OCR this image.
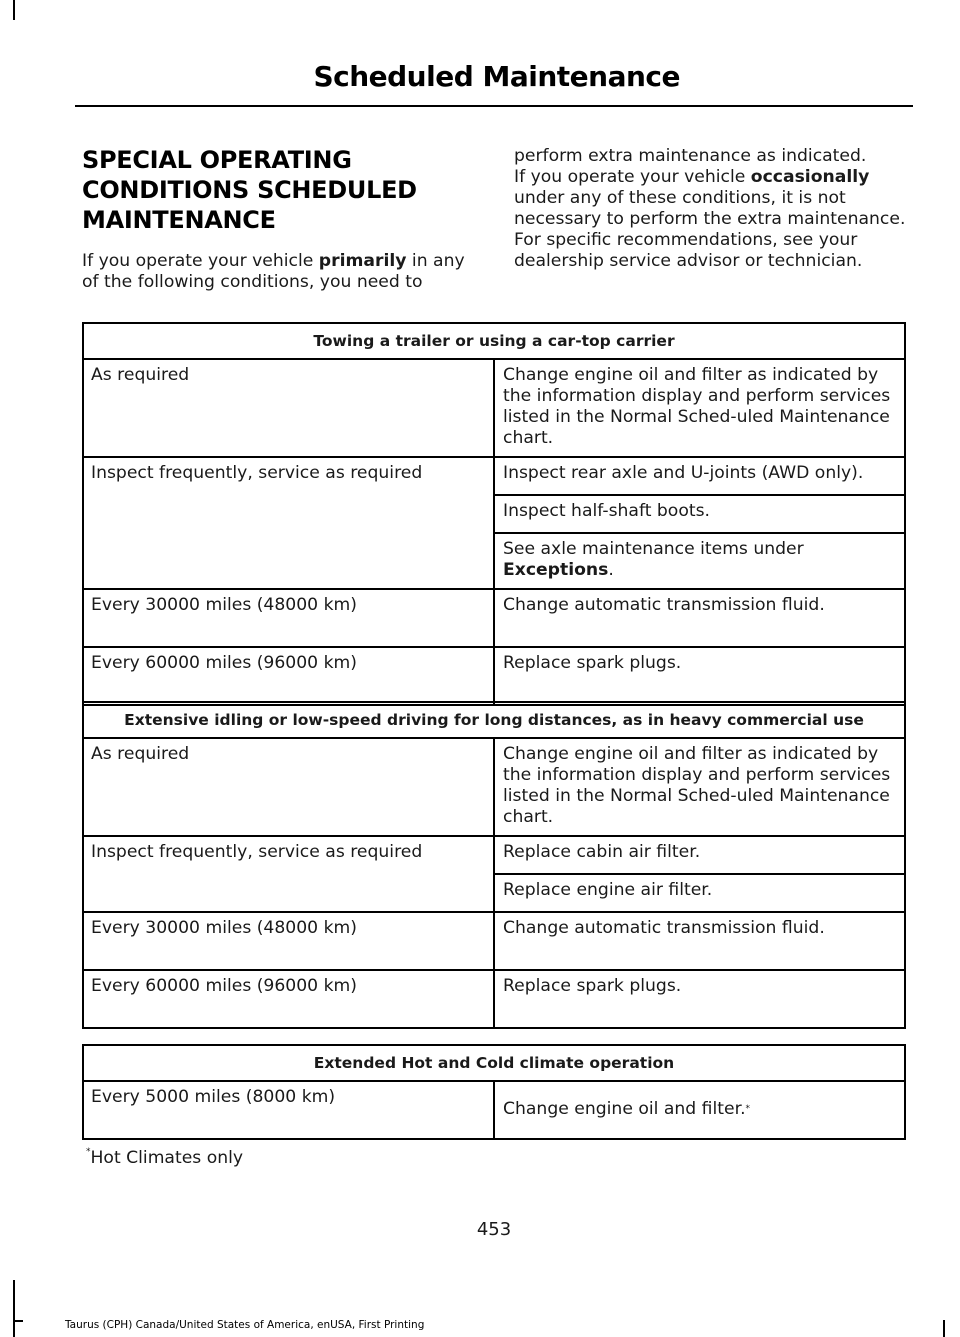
Scheduled Maintenance
SPECIAL OPERATING
CONDITIONS SCHEDULED
MAINTENANCE

If you operate your vehicle primarily in any of the following conditions, you need to

perform extra maintenance as indicated.

If you operate your vehicle occasionally under any of these conditions, it is not necessary to perform the extra maintenance. For specific recommendations, see your dealership service advisor or technician.

Towing a trailer or using a car-top carrier	
As required	Change engine oil and filter as indicated by the information display and perform services listed in the Normal Sched-uled Maintenance chart.
Inspect frequently, service as required	Inspect rear axle and U-joints (AWD only).
	Inspect half-shaft boots.
	See axle maintenance items under Exceptions.
Every 30000 miles (48000 km)	Change automatic transmission fluid.
Every 60000 miles (96000 km)	Replace spark plugs.
Extensive idling or low-speed driving for long distances, as in heavy commercial use	
As required	Change engine oil and filter as indicated by the information display and perform services listed in the Normal Sched-uled Maintenance chart.
Inspect frequently, service as required	Replace cabin air filter.
	Replace engine air filter.
Every 30000 miles (48000 km)	Change automatic transmission fluid.
Every 60000 miles (96000 km)	Replace spark plugs.
Extended Hot and Cold climate operation
Every 5000 miles (8000 km)	Change engine oil and filter.*
*Hot Climates only
453
Taurus (CPH) Canada/United States of America, enUSA, First Printing
